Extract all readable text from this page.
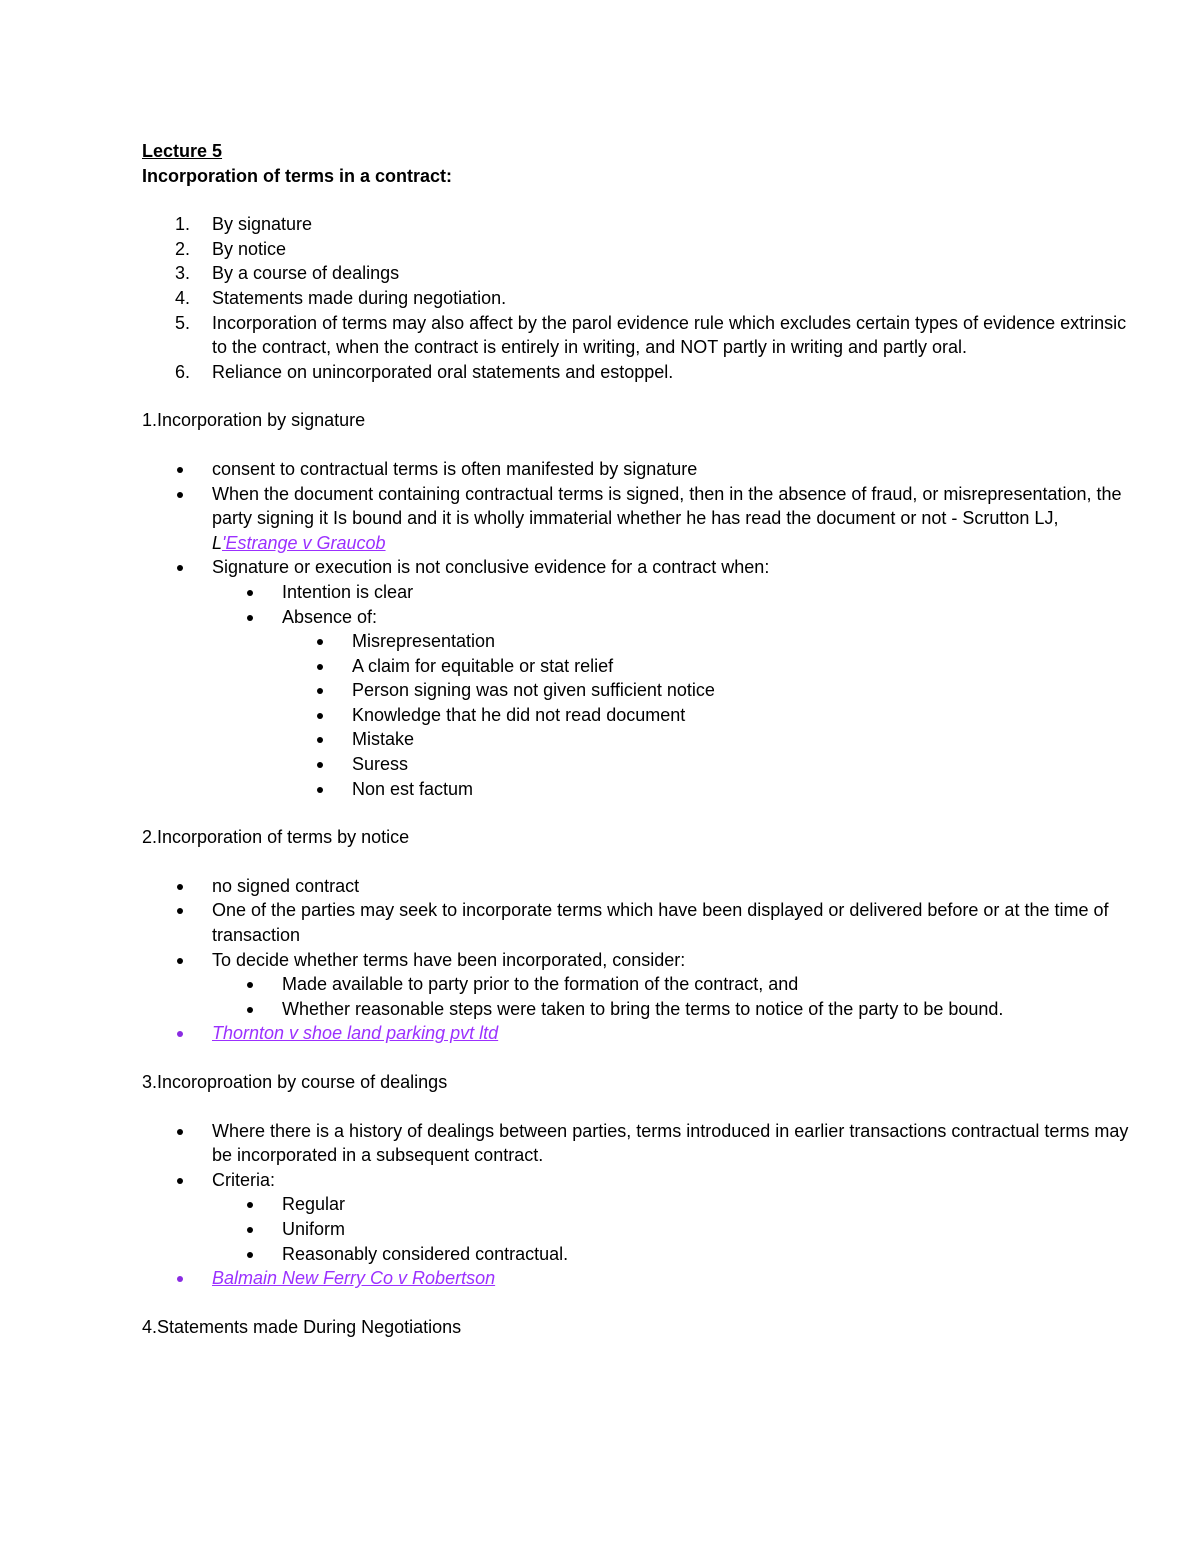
Lecture 5
Incorporation of terms in a contract:
1. By signature
2. By notice
3. By a course of dealings
4. Statements made during negotiation.
5. Incorporation of terms may also affect by the parol evidence rule which excludes certain types of evidence extrinsic to the contract, when the contract is entirely in writing, and NOT partly in writing and partly oral.
6. Reliance on unincorporated oral statements and estoppel.
1.Incorporation by signature
consent to contractual terms is often manifested by signature
When the document containing contractual terms is signed, then in the absence of fraud, or misrepresentation, the party signing it Is bound and it is wholly immaterial whether he has read the document or not - Scrutton LJ, L'Estrange v Graucob
Signature or execution is not conclusive evidence for a contract when:
Intention is clear
Absence of:
Misrepresentation
A claim for equitable or stat relief
Person signing was not given sufficient notice
Knowledge that he did not read document
Mistake
Suress
Non est factum
2.Incorporation of terms by notice
no signed contract
One of the parties may seek to incorporate terms which have been displayed or delivered before or at the time of transaction
To decide whether terms have been incorporated, consider:
Made available to party prior to the formation of the contract, and
Whether reasonable steps were taken to bring the terms to notice of the party to be bound.
Thornton v shoe land parking pvt ltd
3.Incoroproation by course of dealings
Where there is a history of dealings between parties, terms introduced in earlier transactions contractual terms may be incorporated in a subsequent contract.
Criteria:
Regular
Uniform
Reasonably considered contractual.
Balmain New Ferry Co v Robertson
4.Statements made During Negotiations
